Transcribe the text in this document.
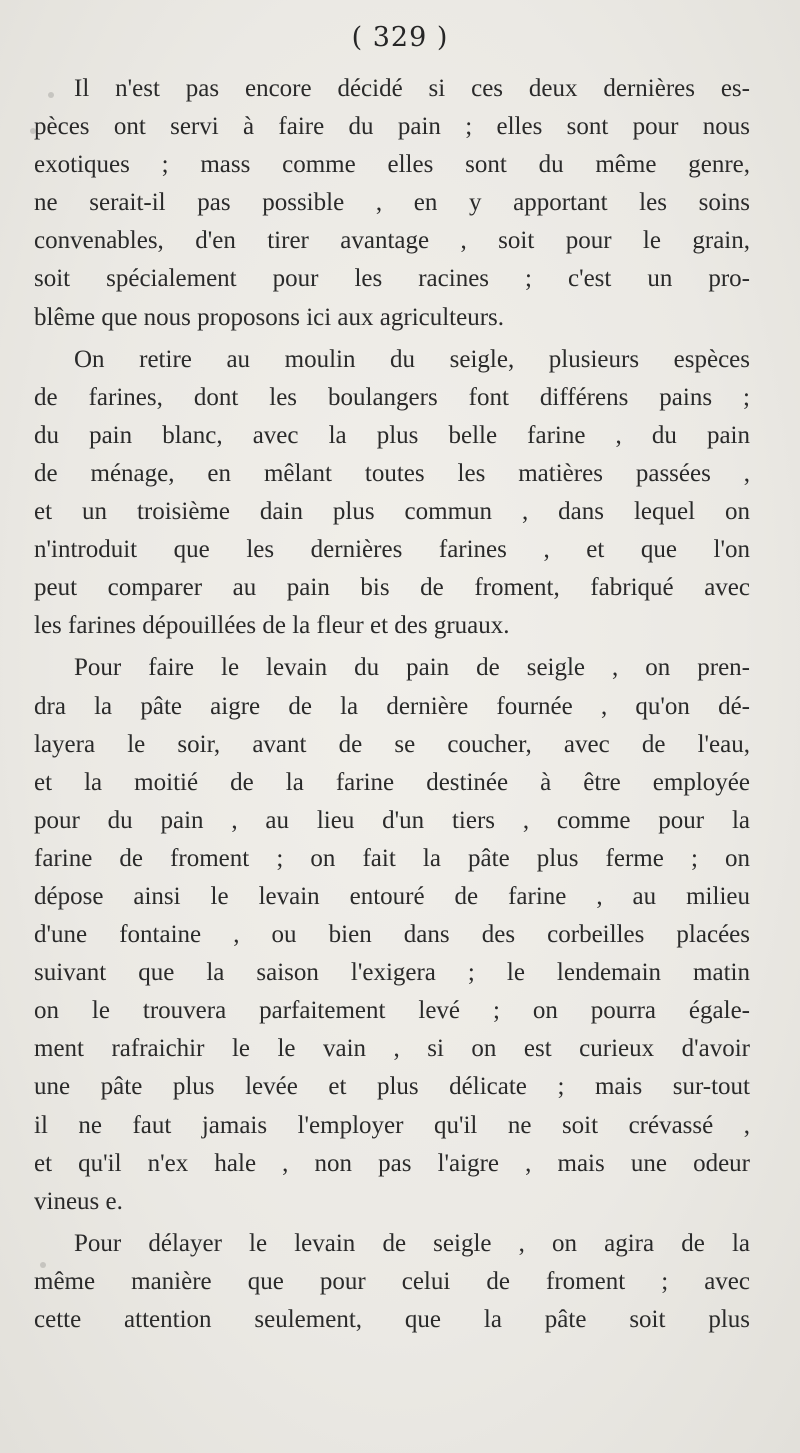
( 329 )
Il n'est pas encore décidé si ces deux dernières es-
pèces ont servi à faire du pain ; elles sont pour nous
exotiques ; mass comme elles sont du même genre,
ne serait-il pas possible , en y apportant les soins
convenables, d'en tirer avantage , soit pour le grain,
soit spécialement pour les racines ; c'est un pro-
blême que nous proposons ici aux agriculteurs.
On retire au moulin du seigle, plusieurs espèces
de farines, dont les boulangers font différens pains ;
du pain blanc, avec la plus belle farine , du pain
de ménage, en mêlant toutes les matières passées ,
et un troisième dain plus commun , dans lequel on
n'introduit que les dernières farines , et que l'on
peut comparer au pain bis de froment, fabriqué avec
les farines dépouillées de la fleur et des gruaux.
Pour faire le levain du pain de seigle , on pren-
dra la pâte aigre de la dernière fournée , qu'on dé-
layera le soir, avant de se coucher, avec de l'eau,
et la moitié de la farine destinée à être employée
pour du pain , au lieu d'un tiers , comme pour la
farine de froment ; on fait la pâte plus ferme ; on
dépose ainsi le levain entouré de farine , au milieu
d'une fontaine , ou bien dans des corbeilles placées
suivant que la saison l'exigera ; le lendemain matin
on le trouvera parfaitement levé ; on pourra égale-
ment rafraichir le le vain , si on est curieux d'avoir
une pâte plus levée et plus délicate ; mais sur-tout
il ne faut jamais l'employer qu'il ne soit crévassé ,
et qu'il n'ex hale , non pas l'aigre , mais une odeur
vineus e.
Pour délayer le levain de seigle , on agira de la
même manière que pour celui de froment ; avec
cette attention seulement, que la pâte soit plus
